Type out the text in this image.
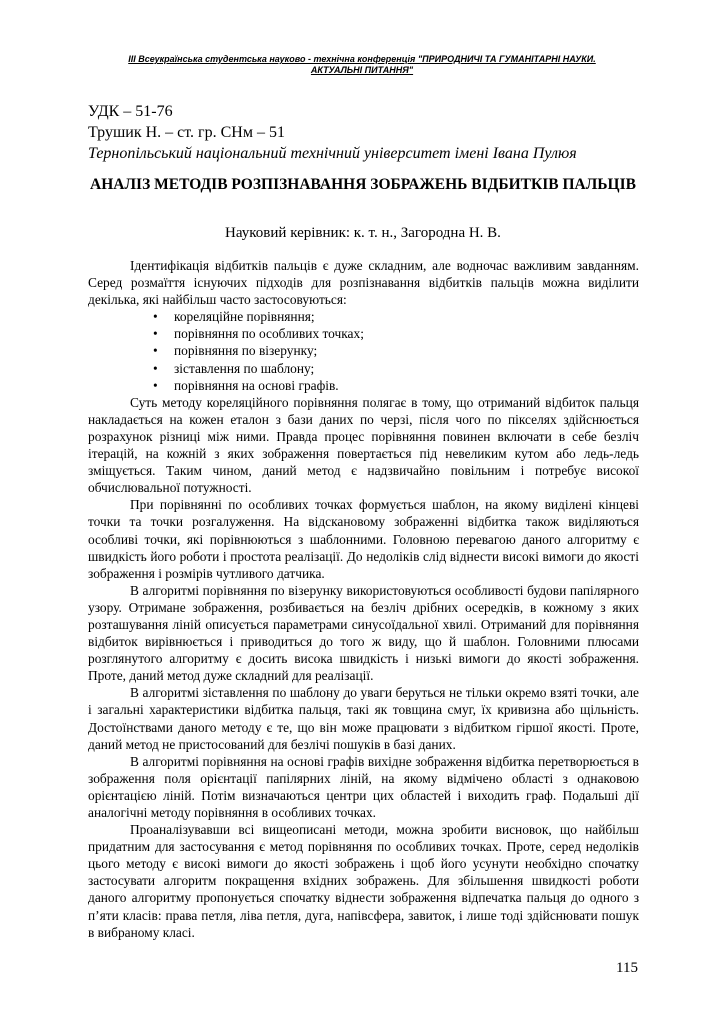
ІІІ Всеукраїнська студентська науково - технічна конференція "ПРИРОДНИЧІ ТА ГУМАНІТАРНІ НАУКИ.
АКТУАЛЬНІ ПИТАННЯ"
УДК – 51-76
Трушик Н. – ст. гр. СНм – 51
Тернопільський національний технічний університет імені Івана Пулюя
АНАЛІЗ МЕТОДІВ РОЗПІЗНАВАННЯ ЗОБРАЖЕНЬ ВІДБИТКІВ ПАЛЬЦІВ
Науковий керівник: к. т. н., Загородна Н. В.

Ідентифікація відбитків пальців є дуже складним, але водночас важливим завданням. Серед розмаїття існуючих підходів для розпізнавання відбитків пальців можна виділити декілька, які найбільш часто застосовуються:

• кореляційне порівняння;
• порівняння по особливих точках;
• порівняння по візерунку;
• зіставлення по шаблону;
• порівняння на основі графів.

Суть методу кореляційного порівняння полягає в тому, що отриманий відбиток пальця накладається на кожен еталон з бази даних по черзі, після чого по пікселях здійснюється розрахунок різниці між ними. Правда процес порівняння повинен включати в себе безліч ітерацій, на кожній з яких зображення повертається під невеликим кутом або ледь-ледь зміщується. Таким чином, даний метод є надзвичайно повільним і потребує високої обчислювальної потужності.

При порівнянні по особливих точках формується шаблон, на якому виділені кінцеві точки та точки розгалуження. На відскановому зображенні відбитка також виділяються особливі точки, які порівнюються з шаблонними. Головною перевагою даного алгоритму є швидкість його роботи і простота реалізації. До недоліків слід віднести високі вимоги до якості зображення і розмірів чутливого датчика.

В алгоритмі порівняння по візерунку використовуються особливості будови папілярного узору. Отримане зображення, розбивається на безліч дрібних осередків, в кожному з яких розташування ліній описується параметрами синусоїдальної хвилі. Отриманий для порівняння відбиток вирівнюється і приводиться до того ж виду, що й шаблон. Головними плюсами розглянутого алгоритму є досить висока швидкість і низькі вимоги до якості зображення. Проте, даний метод дуже складний для реалізації.

В алгоритмі зіставлення по шаблону до уваги беруться не тільки окремо взяті точки, але і загальні характеристики відбитка пальця, такі як товщина смуг, їх кривизна або щільність. Достоїнствами даного методу є те, що він може працювати з відбитком гіршої якості. Проте, даний метод не пристосований для безлічі пошуків в базі даних.

В алгоритмі порівняння на основі графів вихідне зображення відбитка перетворюється в зображення поля орієнтації папілярних ліній, на якому відмічено області з однаковою орієнтацією ліній. Потім визначаються центри цих областей і виходить граф. Подальші дії аналогічні методу порівняння в особливих точках.

Проаналізувавши всі вищеописані методи, можна зробити висновок, що найбільш придатним для застосування є метод порівняння по особливих точках. Проте, серед недоліків цього методу є високі вимоги до якості зображень і щоб його усунути необхідно спочатку застосувати алгоритм покращення вхідних зображень. Для збільшення швидкості роботи даного алгоритму пропонується спочатку віднести зображення відпечатка пальця до одного з п’яти класів: права петля, ліва петля, дуга, напівсфера, завиток, і лише тоді здійснювати пошук в вибраному класі.

115
